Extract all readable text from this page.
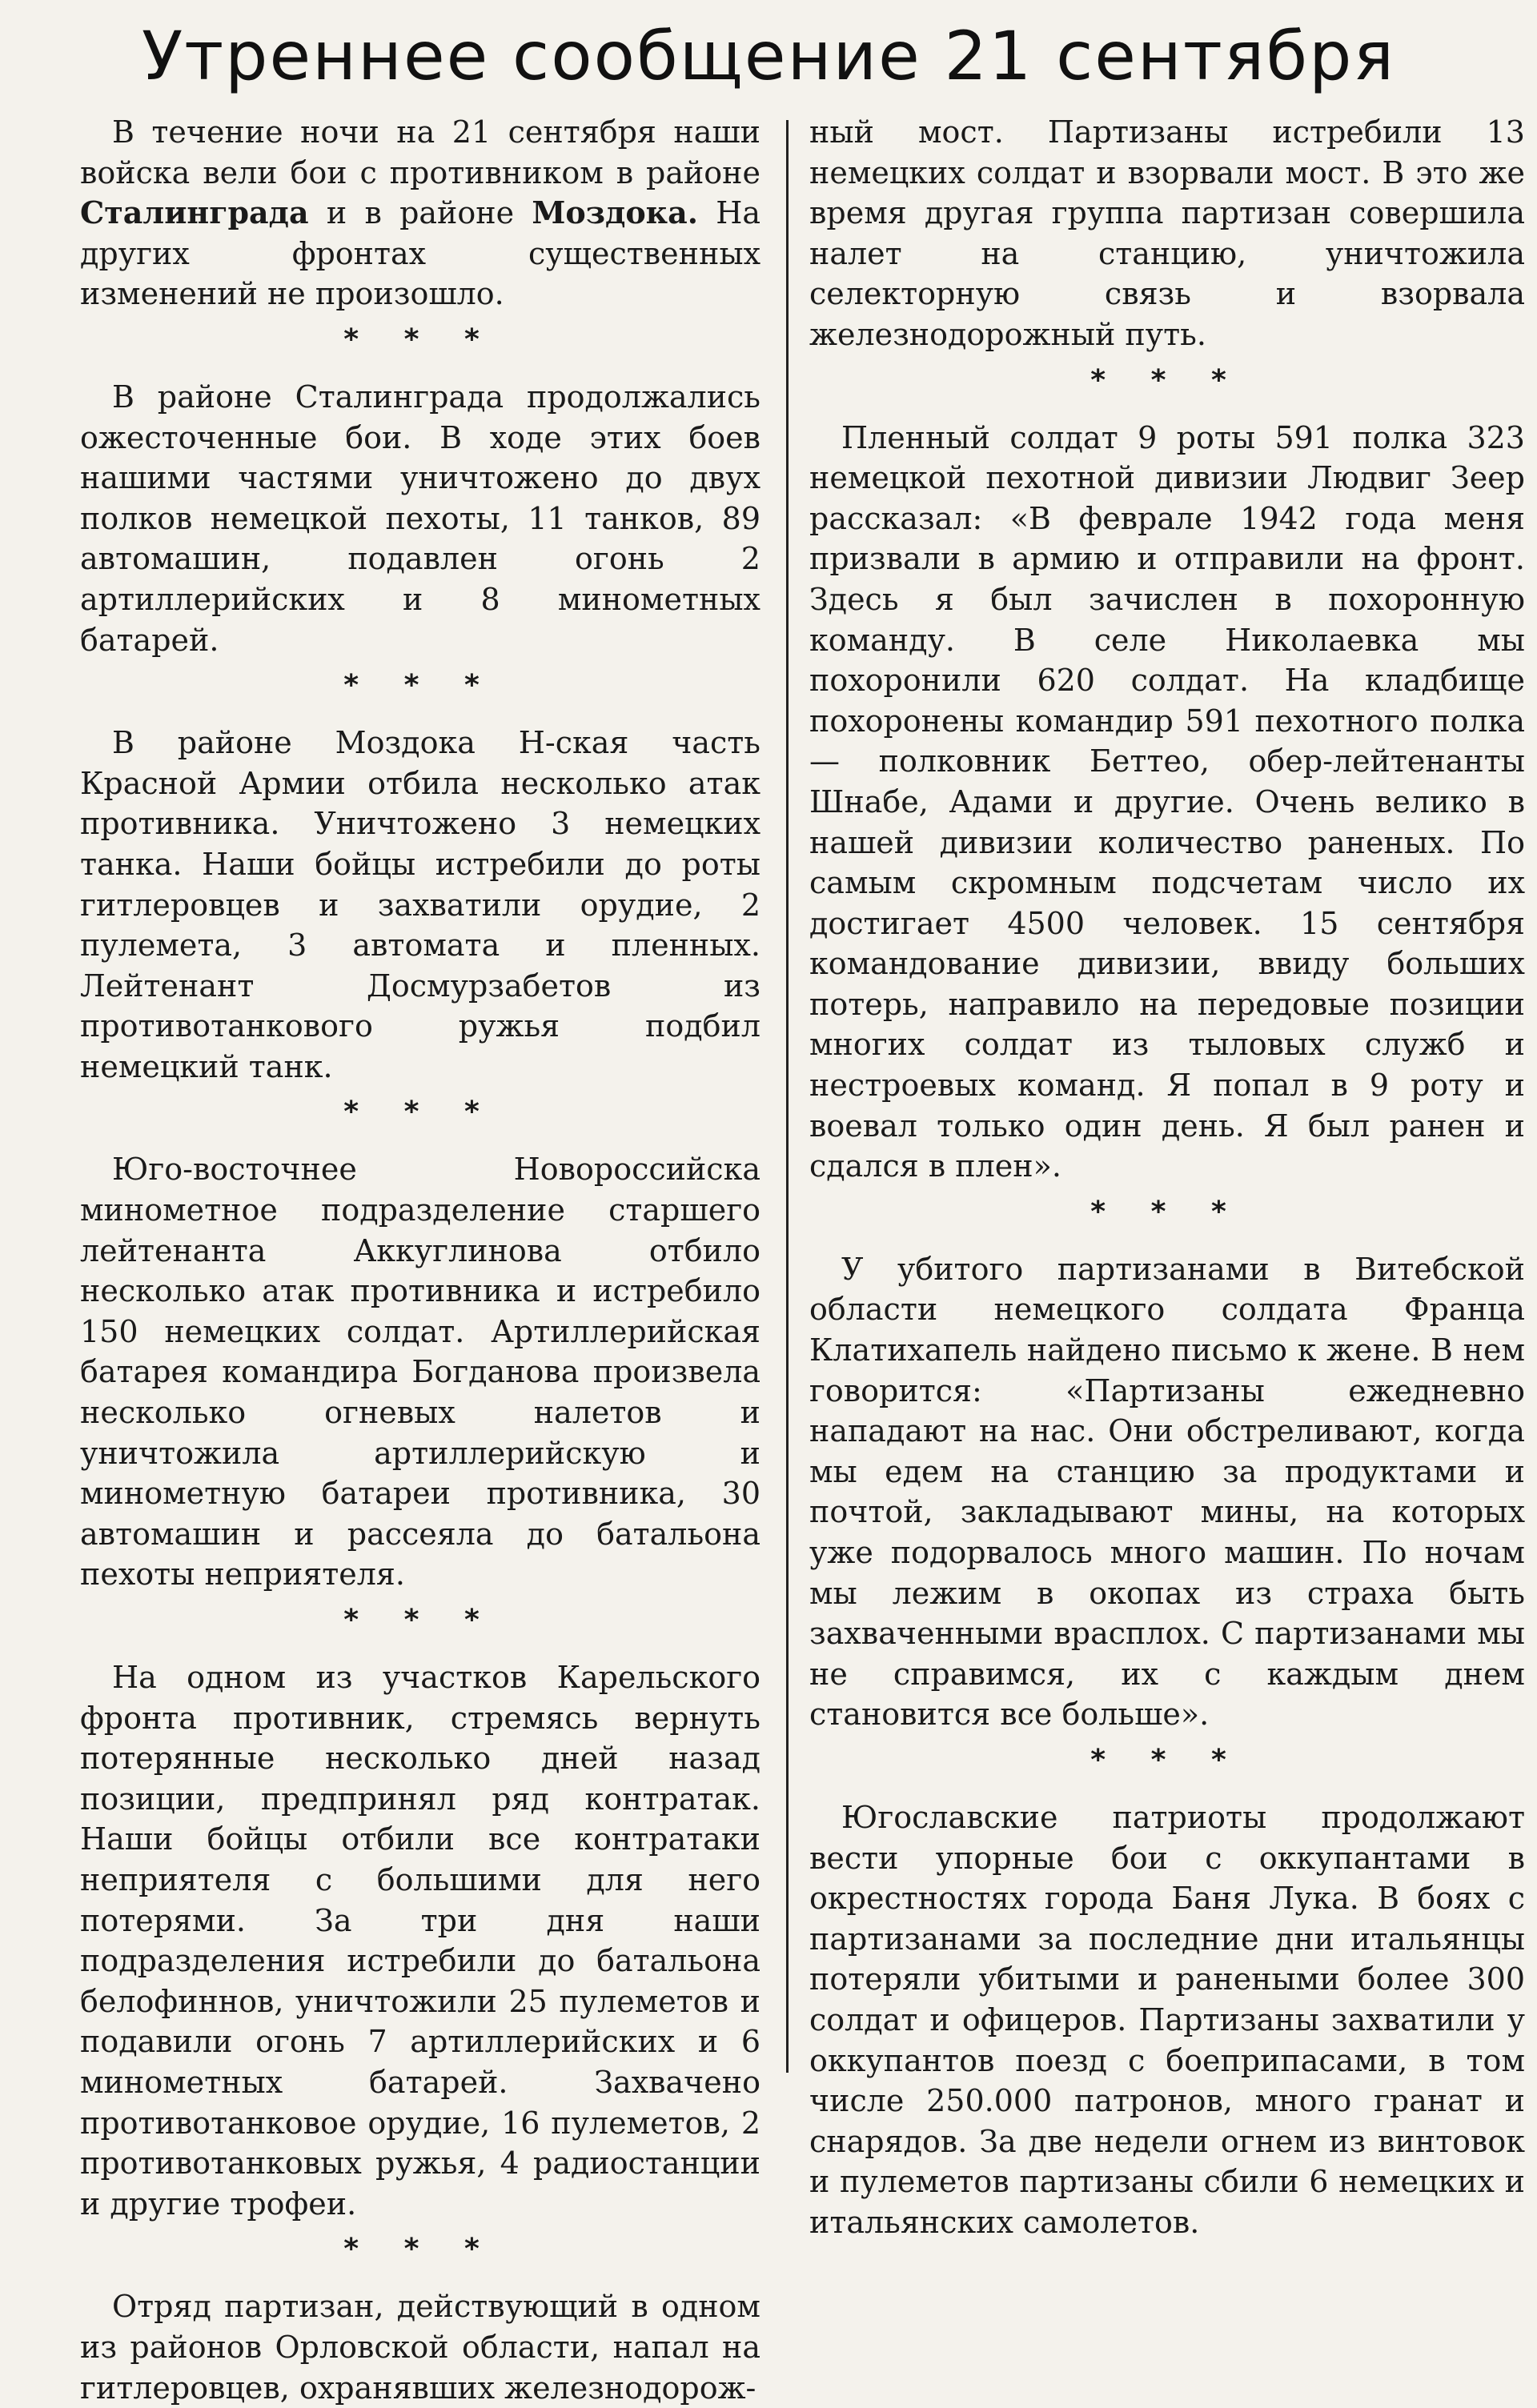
Утреннее сообщение 21 сентября

В течение ночи на 21 сентября наши войска вели бои с противником в районе Сталинграда и в районе Моздока. На других фронтах существенных изменений не произошло.

* * *

В районе Сталинграда продолжались ожесточенные бои. В ходе этих боев нашими частями уничтожено до двух полков немецкой пехоты, 11 танков, 89 автомашин, подавлен огонь 2 артиллерийских и 8 минометных батарей.

* * *

В районе Моздока Н-ская часть Красной Армии отбила несколько атак противника. Уничтожено 3 немецких танка. Наши бойцы истребили до роты гитлеровцев и захватили орудие, 2 пулемета, 3 автомата и пленных. Лейтенант Досмурзабетов из противотанкового ружья подбил немецкий танк.

* * *

Юго-восточнее Новороссийска минометное подразделение старшего лейтенанта Аккуглинова отбило несколько атак противника и истребило 150 немецких солдат. Артиллерийская батарея командира Богданова произвела несколько огневых налетов и уничтожила артиллерийскую и минометную батареи противника, 30 автомашин и рассеяла до батальона пехоты неприятеля.

* * *

На одном из участков Карельского фронта противник, стремясь вернуть потерянные несколько дней назад позиции, предпринял ряд контратак. Наши бойцы отбили все контратаки неприятеля с большими для него потерями. За три дня наши подразделения истребили до батальона белофиннов, уничтожили 25 пулеметов и подавили огонь 7 артиллерийских и 6 минометных батарей. Захвачено противотанковое орудие, 16 пулеметов, 2 противотанковых ружья, 4 радиостанции и другие трофеи.

* * *

Отряд партизан, действующий в одном из районов Орловской области, напал на гитлеровцев, охранявших железнодорож-

ный мост. Партизаны истребили 13 немецких солдат и взорвали мост. В это же время другая группа партизан совершила налет на станцию, уничтожила селекторную связь и взорвала железнодорожный путь.

* * *

Пленный солдат 9 роты 591 полка 323 немецкой пехотной дивизии Людвиг Зеер рассказал: «В феврале 1942 года меня призвали в армию и отправили на фронт. Здесь я был зачислен в похоронную команду. В селе Николаевка мы похоронили 620 солдат. На кладбище похоронены командир 591 пехотного полка — полковник Беттео, обер-лейтенанты Шнабе, Адами и другие. Очень велико в нашей дивизии количество раненых. По самым скромным подсчетам число их достигает 4500 человек. 15 сентября командование дивизии, ввиду больших потерь, направило на передовые позиции многих солдат из тыловых служб и нестроевых команд. Я попал в 9 роту и воевал только один день. Я был ранен и сдался в плен».

* * *

У убитого партизанами в Витебской области немецкого солдата Франца Клатихапель найдено письмо к жене. В нем говорится: «Партизаны ежедневно нападают на нас. Они обстреливают, когда мы едем на станцию за продуктами и почтой, закладывают мины, на которых уже подорвалось много машин. По ночам мы лежим в окопах из страха быть захваченными врасплох. С партизанами мы не справимся, их с каждым днем становится все больше».

* * *

Югославские патриоты продолжают вести упорные бои с оккупантами в окрестностях города Баня Лука. В боях с партизанами за последние дни итальянцы потеряли убитыми и ранеными более 300 солдат и офицеров. Партизаны захватили у оккупантов поезд с боеприпасами, в том числе 250.000 патронов, много гранат и снарядов. За две недели огнем из винтовок и пулеметов партизаны сбили 6 немецких и итальянских самолетов.
